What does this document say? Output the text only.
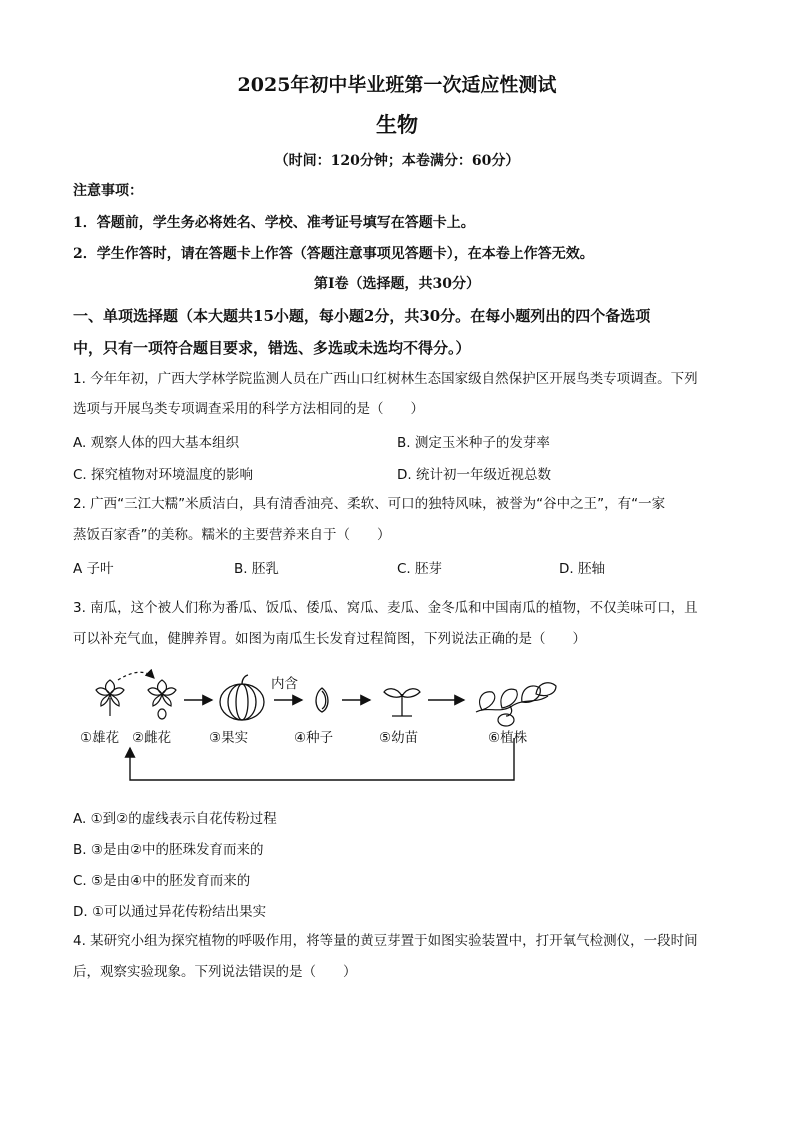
2025年初中毕业班第一次适应性测试
生物
（时间：120分钟；本卷满分：60分）
注意事项：
1．答题前，学生务必将姓名、学校、准考证号填写在答题卡上。
2．学生作答时，请在答题卡上作答（答题注意事项见答题卡），在本卷上作答无效。
第Ⅰ卷（选择题，共30分）
一、单项选择题（本大题共15小题，每小题2分，共30分。在每小题列出的四个备选项
中，只有一项符合题目要求，错选、多选或未选均不得分。）
1. 今年年初，广西大学林学院监测人员在广西山口红树林生态国家级自然保护区开展鸟类专项调查。下列
选项与开展鸟类专项调查采用的科学方法相同的是（　　）
A. 观察人体的四大基本组织	B. 测定玉米种子的发芽率
C. 探究植物对环境温度的影响	D. 统计初一年级近视总数
2. 广西“三江大糯”米质洁白，具有清香油亮、柔软、可口的独特风味，被誉为“谷中之王”，有“一家
蒸饭百家香”的美称。糯米的主要营养来自于（　　）
A 子叶	B. 胚乳	C. 胚芽	D. 胚轴
3. 南瓜，这个被人们称为番瓜、饭瓜、倭瓜、窝瓜、麦瓜、金冬瓜和中国南瓜的植物，不仅美味可口，且
可以补充气血，健脾养胃。如图为南瓜生长发育过程简图，下列说法正确的是（　　）
内含
①雄花 ②雌花	③果实	④种子	⑤幼苗	⑥植株
A. ①到②的虚线表示自花传粉过程
B. ③是由②中的胚珠发育而来的
C. ⑤是由④中的胚发育而来的
D. ①可以通过异花传粉结出果实
4. 某研究小组为探究植物的呼吸作用，将等量的黄豆芽置于如图实验装置中，打开氧气检测仪，一段时间
后，观察实验现象。下列说法错误的是（　　）
